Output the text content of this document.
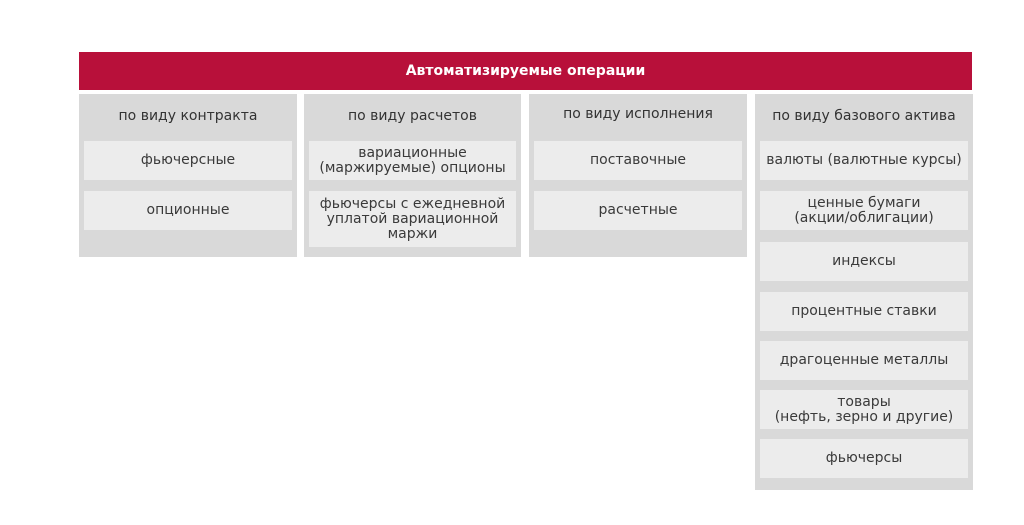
Автоматизируемые операции
по виду контракта
фьючерсные
опционные
по виду расчетов
вариационные
(маржируемые) опционы
фьючерсы с ежедневной
уплатой вариационной
маржи
по виду исполнения
поставочные
расчетные
по виду базового актива
валюты (валютные курсы)
ценные бумаги
(акции/облигации)
индексы
процентные ставки
драгоценные металлы
товары
(нефть, зерно и другие)
фьючерсы
